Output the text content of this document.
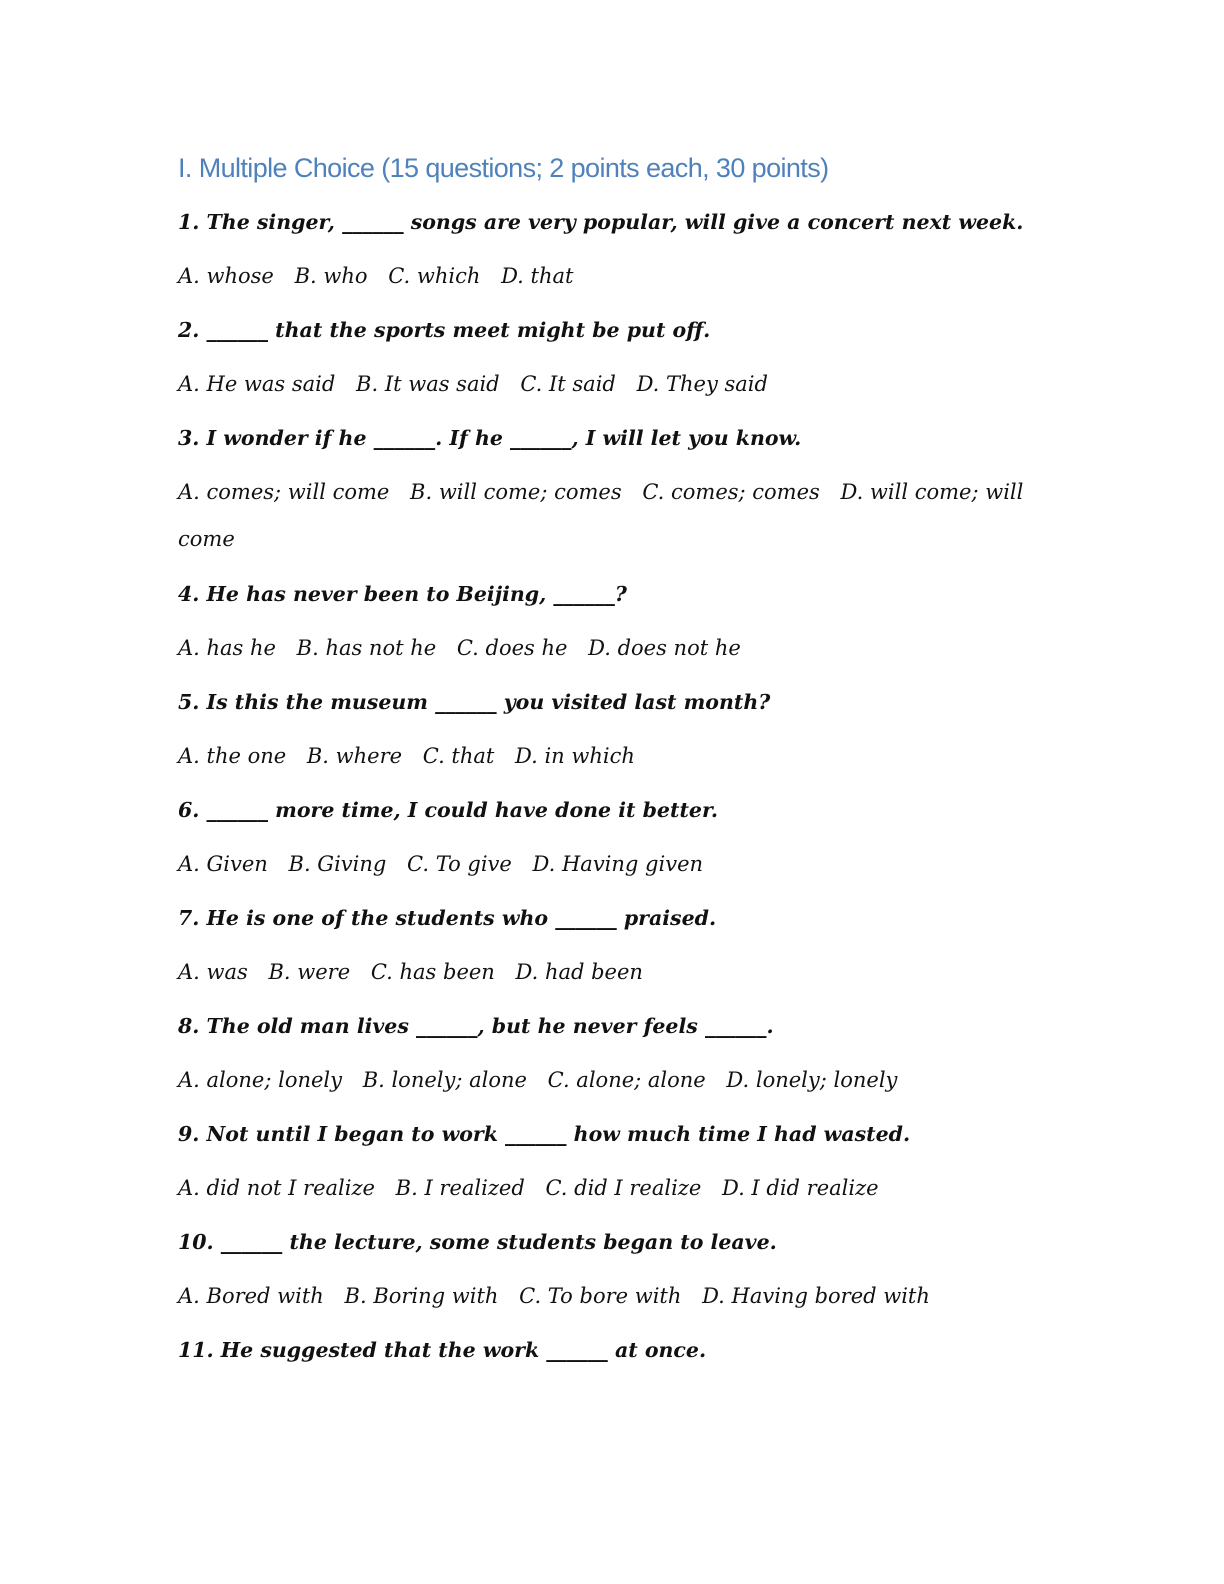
I. Multiple Choice (15 questions; 2 points each, 30 points)
1. The singer, ______ songs are very popular, will give a concert next week.
A. whose B. who C. which D. that
2. ______ that the sports meet might be put off.
A. He was said B. It was said C. It said D. They said
3. I wonder if he ______. If he ______, I will let you know.
A. comes; will come B. will come; comes C. comes; comes D. will come; will come
4. He has never been to Beijing, ______?
A. has he B. has not he C. does he D. does not he
5. Is this the museum ______ you visited last month?
A. the one B. where C. that D. in which
6. ______ more time, I could have done it better.
A. Given B. Giving C. To give D. Having given
7. He is one of the students who ______ praised.
A. was B. were C. has been D. had been
8. The old man lives ______, but he never feels ______.
A. alone; lonely B. lonely; alone C. alone; alone D. lonely; lonely
9. Not until I began to work ______ how much time I had wasted.
A. did not I realize B. I realized C. did I realize D. I did realize
10. ______ the lecture, some students began to leave.
A. Bored with B. Boring with C. To bore with D. Having bored with
11. He suggested that the work ______ at once.
